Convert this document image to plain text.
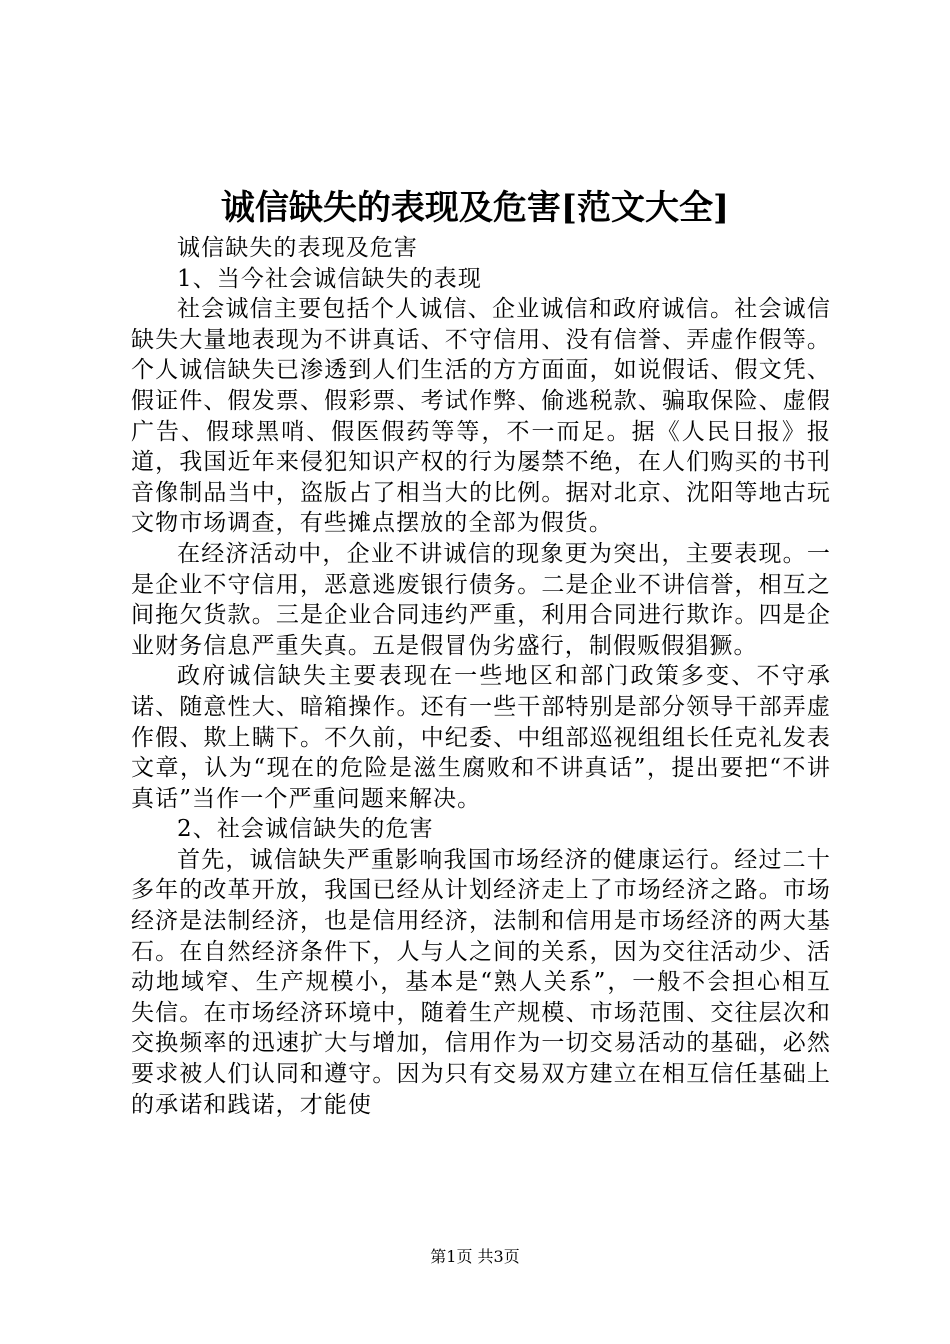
诚信缺失的表现及危害[范文大全]

诚信缺失的表现及危害

1、当今社会诚信缺失的表现

社会诚信主要包括个人诚信、企业诚信和政府诚信。社会诚信缺失大量地表现为不讲真话、不守信用、没有信誉、弄虚作假等。个人诚信缺失已渗透到人们生活的方方面面，如说假话、假文凭、假证件、假发票、假彩票、考试作弊、偷逃税款、骗取保险、虚假广告、假球黑哨、假医假药等等，不一而足。据《人民日报》报道，我国近年来侵犯知识产权的行为屡禁不绝，在人们购买的书刊音像制品当中，盗版占了相当大的比例。据对北京、沈阳等地古玩文物市场调查，有些摊点摆放的全部为假货。

在经济活动中，企业不讲诚信的现象更为突出，主要表现。一是企业不守信用，恶意逃废银行债务。二是企业不讲信誉，相互之间拖欠货款。三是企业合同违约严重，利用合同进行欺诈。四是企业财务信息严重失真。五是假冒伪劣盛行，制假贩假猖獗。

政府诚信缺失主要表现在一些地区和部门政策多变、不守承诺、随意性大、暗箱操作。还有一些干部特别是部分领导干部弄虚作假、欺上瞒下。不久前，中纪委、中组部巡视组组长任克礼发表文章，认为“现在的危险是滋生腐败和不讲真话”，提出要把“不讲真话”当作一个严重问题来解决。

2、社会诚信缺失的危害

首先，诚信缺失严重影响我国市场经济的健康运行。经过二十多年的改革开放，我国已经从计划经济走上了市场经济之路。市场经济是法制经济，也是信用经济，法制和信用是市场经济的两大基石。在自然经济条件下，人与人之间的关系，因为交往活动少、活动地域窄、生产规模小，基本是“熟人关系”，一般不会担心相互失信。在市场经济环境中，随着生产规模、市场范围、交往层次和交换频率的迅速扩大与增加，信用作为一切交易活动的基础，必然要求被人们认同和遵守。因为只有交易双方建立在相互信任基础上的承诺和践诺，才能使

第1页 共3页
